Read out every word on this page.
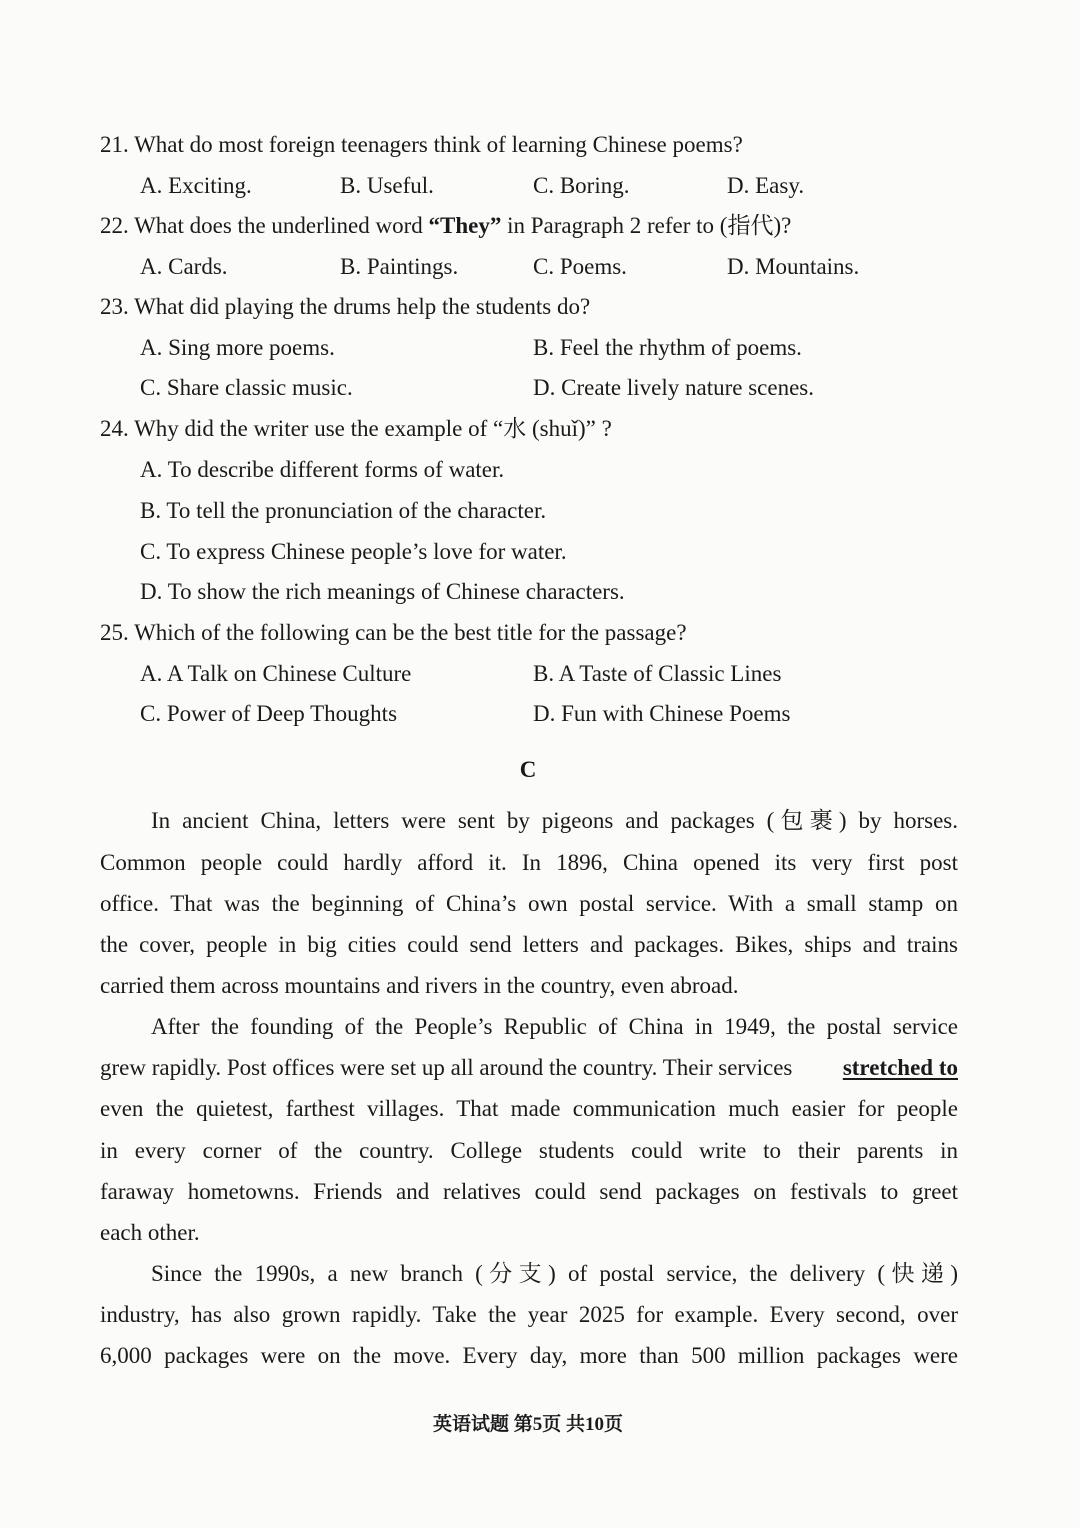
21. What do most foreign teenagers think of learning Chinese poems?
A. Exciting.	B. Useful.	C. Boring.	D. Easy.
22. What does the underlined word “They” in Paragraph 2 refer to (指代)?
A. Cards.	B. Paintings.	C. Poems.	D. Mountains.
23. What did playing the drums help the students do?
A. Sing more poems.	B. Feel the rhythm of poems.
C. Share classic music.	D. Create lively nature scenes.
24. Why did the writer use the example of “水 (shuǐ)” ?
A. To describe different forms of water.
B. To tell the pronunciation of the character.
C. To express Chinese people’s love for water.
D. To show the rich meanings of Chinese characters.
25. Which of the following can be the best title for the passage?
A. A Talk on Chinese Culture	B. A Taste of Classic Lines
C. Power of Deep Thoughts	D. Fun with Chinese Poems
C
In ancient China, letters were sent by pigeons and packages (包裹) by horses.
Common people could hardly afford it. In 1896, China opened its very first post
office. That was the beginning of China’s own postal service. With a small stamp on
the cover, people in big cities could send letters and packages. Bikes, ships and trains
carried them across mountains and rivers in the country, even abroad.
After the founding of the People’s Republic of China in 1949, the postal service
grew rapidly. Post offices were set up all around the country. Their services stretched to
even the quietest, farthest villages. That made communication much easier for people
in every corner of the country. College students could write to their parents in
faraway hometowns. Friends and relatives could send packages on festivals to greet
each other.
Since the 1990s, a new branch (分支) of postal service, the delivery (快递)
industry, has also grown rapidly. Take the year 2025 for example. Every second, over
6,000 packages were on the move. Every day, more than 500 million packages were
英语试题 第5页 共10页
